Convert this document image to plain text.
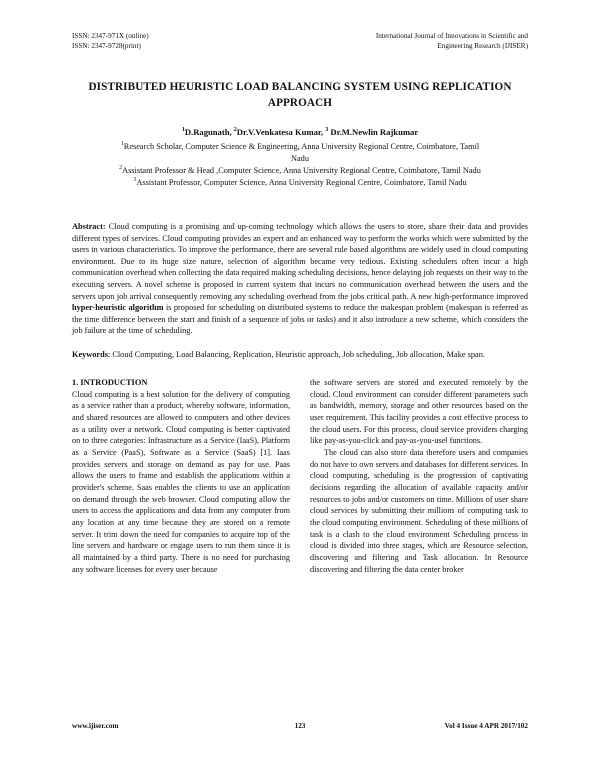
ISSN: 2347-971X (online)
ISSN: 2347-9728(print)
International Journal of Innovations in Scientific and
Engineering Research (IJISER)
DISTRIBUTED HEURISTIC LOAD BALANCING SYSTEM USING REPLICATION
APPROACH
$^1$D.Ragunath, $^2$Dr.V.Venkatesa Kumar, $^3$ Dr.M.Newlin Rajkumar
$^1$Research Scholar, Computer Science & Engineering, Anna University Regional Centre, Coimbatore, Tamil Nadu
$^2$Assistant Professor & Head ,Computer Science, Anna University Regional Centre, Coimbatore, Tamil Nadu
$^3$Assistant Professor, Computer Science, Anna University Regional Centre, Coimbatore, Tamil Nadu
Abstract: Cloud computing is a promising and up-coming technology which allows the users to store, share their data and provides different types of services. Cloud computing provides an expert and an enhanced way to perform the works which were submitted by the users in various characteristics. To improve the performance, there are several rule based algorithms are widely used in cloud computing environment. Due to its huge size nature, selection of algorithm became very tedious. Existing schedulers often incur a high communication overhead when collecting the data required making scheduling decisions, hence delaying job requests on their way to the executing servers. A novel scheme is proposed in current system that incurs no communication overhead between the users and the servers upon job arrival consequently removing any scheduling overhead from the jobs critical path. A new high-performance improved hyper-heuristic algorithm is proposed for scheduling on distributed systems to reduce the makespan problem (makespan is referred as the time difference between the start and finish of a sequence of jobs or tasks) and it also introduce a new scheme, which considers the job failure at the time of scheduling.
Keywords: Cloud Computing, Load Balancing, Replication, Heuristic approach, Job scheduling, Job allocation, Make span.
1. INTRODUCTION

Cloud computing is a best solution for the delivery of computing as a service rather than a product, whereby software, information, and shared resources are allowed to computers and other devices as a utility over a network. Cloud computing is better captivated on to three categories: Infrastructure as a Service (IaaS), Platform as a Service (PaaS), Software as a Service (SaaS) [1]. Iaas provides servers and storage on demand as pay for use. Paas allows the users to frame and establish the applications within a provider's scheme. Saas enables the clients to use an application on demand through the web browser. Cloud computing allow the users to access the applications and data from any computer from any location at any time because they are stored on a remote server. It trim down the need for companies to acquire top of the line servers and hardware or engage users to run them since it is all maintained by a third party. There is no need for purchasing any software licenses for every user because

the software servers are stored and executed remotely by the cloud. Cloud environment can consider different parameters such as bandwidth, memory, storage and other resources based on the user requirement. This facility provides a cost effective process to the cloud users. For this process, cloud service providers charging like pay-as-you-click and pay-as-you-use‖ functions.

The cloud can also store data therefore users and companies do not have to own servers and databases for different services. In cloud computing, scheduling is the progression of captivating decisions regarding the allocation of available capacity and/or resources to jobs and/or customers on time. Millions of user share cloud services by submitting their millions of computing task to the cloud computing environment. Scheduling of these millions of task is a clash to the cloud environment Scheduling process in cloud is divided into three stages, which are Resource selection, discovering and filtering and Task allocation. In Resource discovering and filtering the data center broker

www.ijiser.com	123	Vol 4 Issue 4 APR 2017/102
